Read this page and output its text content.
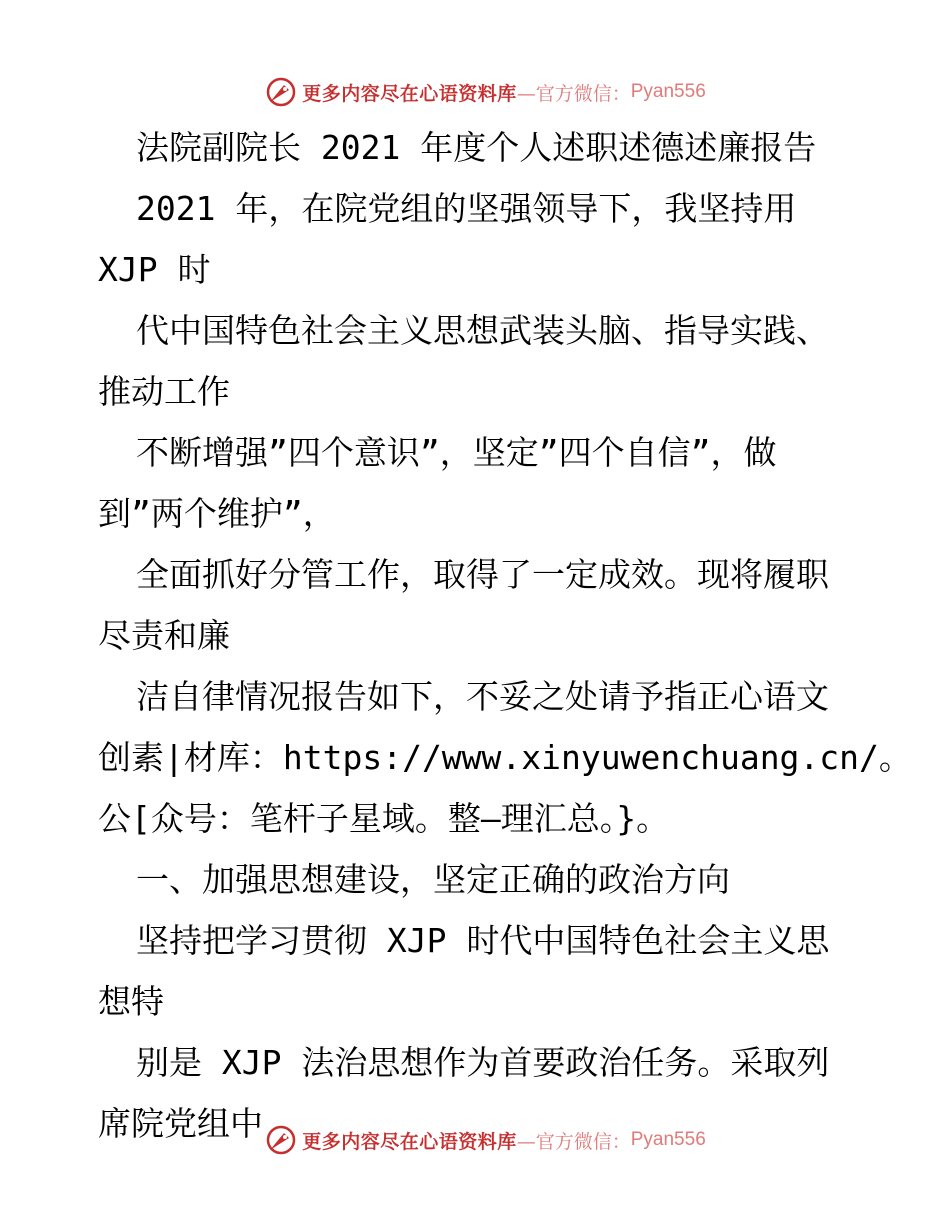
更多内容尽在心语资料库 —官方微信： Pyan556
法院副院长 2021 年度个人述职述德述廉报告
2021 年，在院党组的坚强领导下，我坚持用
XJP 时
代中国特色社会主义思想武装头脑、指导实践、
推动工作
不断增强”四个意识”，坚定”四个自信”，做
到”两个维护”，
全面抓好分管工作，取得了一定成效。现将履职
尽责和廉
洁自律情况报告如下，不妥之处请予指正心语文
创素|材库：https://www.xinyuwenchuang.cn/。
公[众号：笔杆子星域。整—理汇总。}。
一、加强思想建设，坚定正确的政治方向
坚持把学习贯彻 XJP 时代中国特色社会主义思
想特
别是 XJP 法治思想作为首要政治任务。采取列
席院党组中	更多内容尽在心语资料库 —官方微信： Pyan556
